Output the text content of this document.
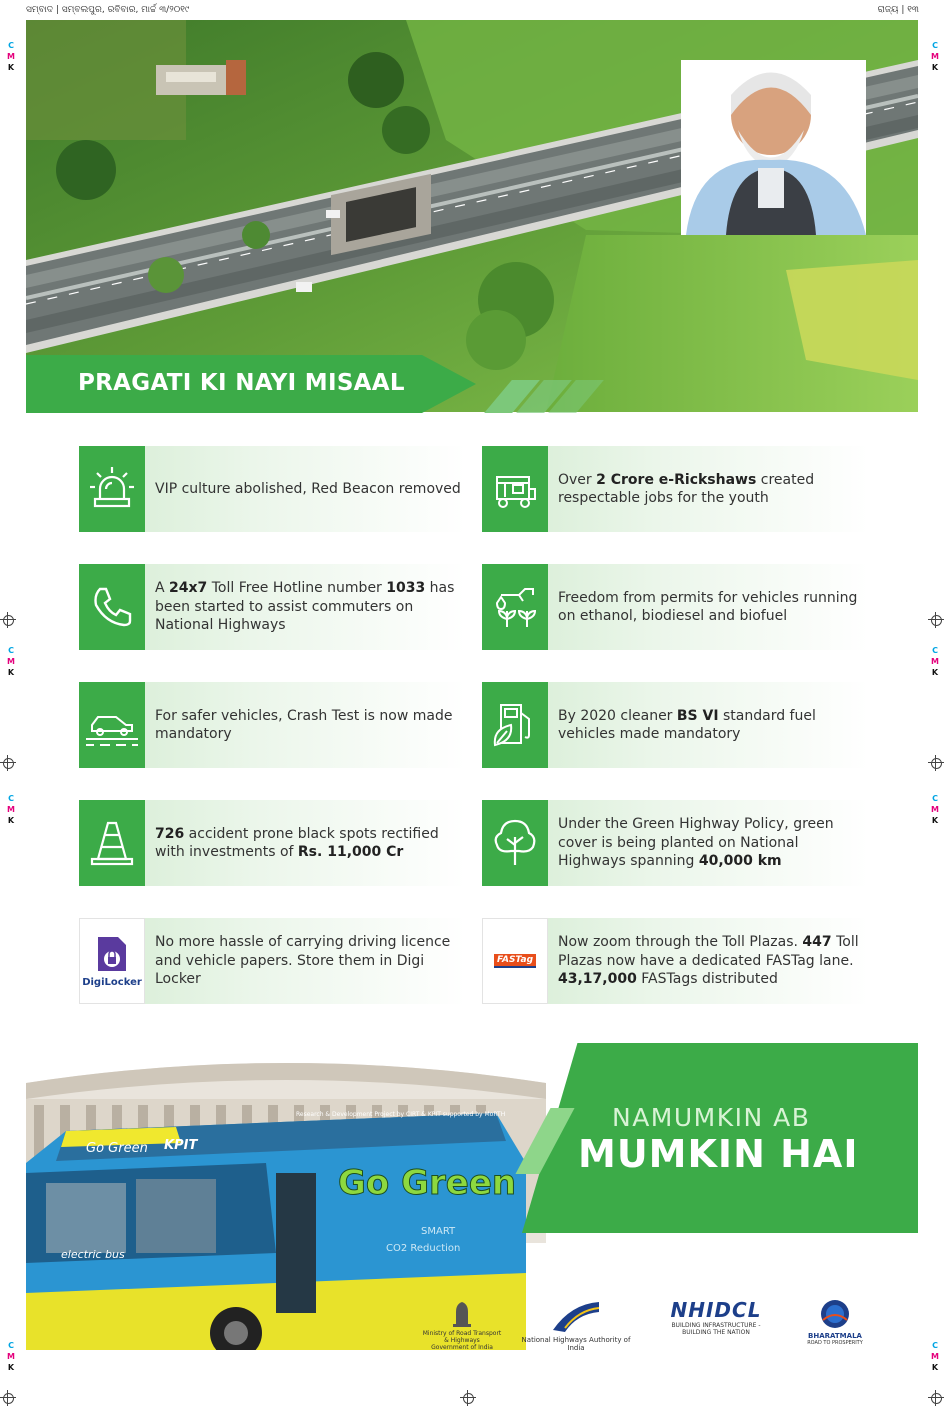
ସମ୍ବାଦ | ସମ୍ବଲପୁର, ରବିବାର, ମାର୍ଚ୍ଚ ୩/୨୦୧୯	ରାଜ୍ୟ | ୧୩
C
M
K
C
M
K
C
M
K
C
M
K
C
M
K
C
M
K
C
M
K
C
M
K
PRAGATI KI NAYI MISAAL
VIP culture abolished, Red Beacon removed
Over 2 Crore e-Rickshaws created respectable jobs for the youth
A 24x7 Toll Free Hotline number 1033 has been started to assist commuters on National Highways
Freedom from permits for vehicles running on ethanol, biodiesel and biofuel
For safer vehicles, Crash Test is now made mandatory
By 2020 cleaner BS VI standard fuel vehicles made mandatory
726 accident prone black spots rectified with investments of Rs. 11,000 Cr
Under the Green Highway Policy, green cover is being planted on National Highways spanning 40,000 km
DigiLocker
No more hassle of carrying driving licence and vehicle papers. Store them in Digi Locker
FASTag
Now zoom through the Toll Plazas. 447 Toll Plazas now have a dedicated FASTag lane. 43,17,000 FASTags distributed
Go Green KPIT
Research & Development Project by CIRT & KPIT supported by MoRTH
Go Green
electric bus
SMART
CO2 Reduction
NAMUMKIN AB
MUMKIN HAI
Ministry of Road Transport & Highways
Government of India
National Highways Authority of India
NHIDCL
BUILDING INFRASTRUCTURE - BUILDING THE NATION	BHARATMALA
ROAD TO PROSPERITY
